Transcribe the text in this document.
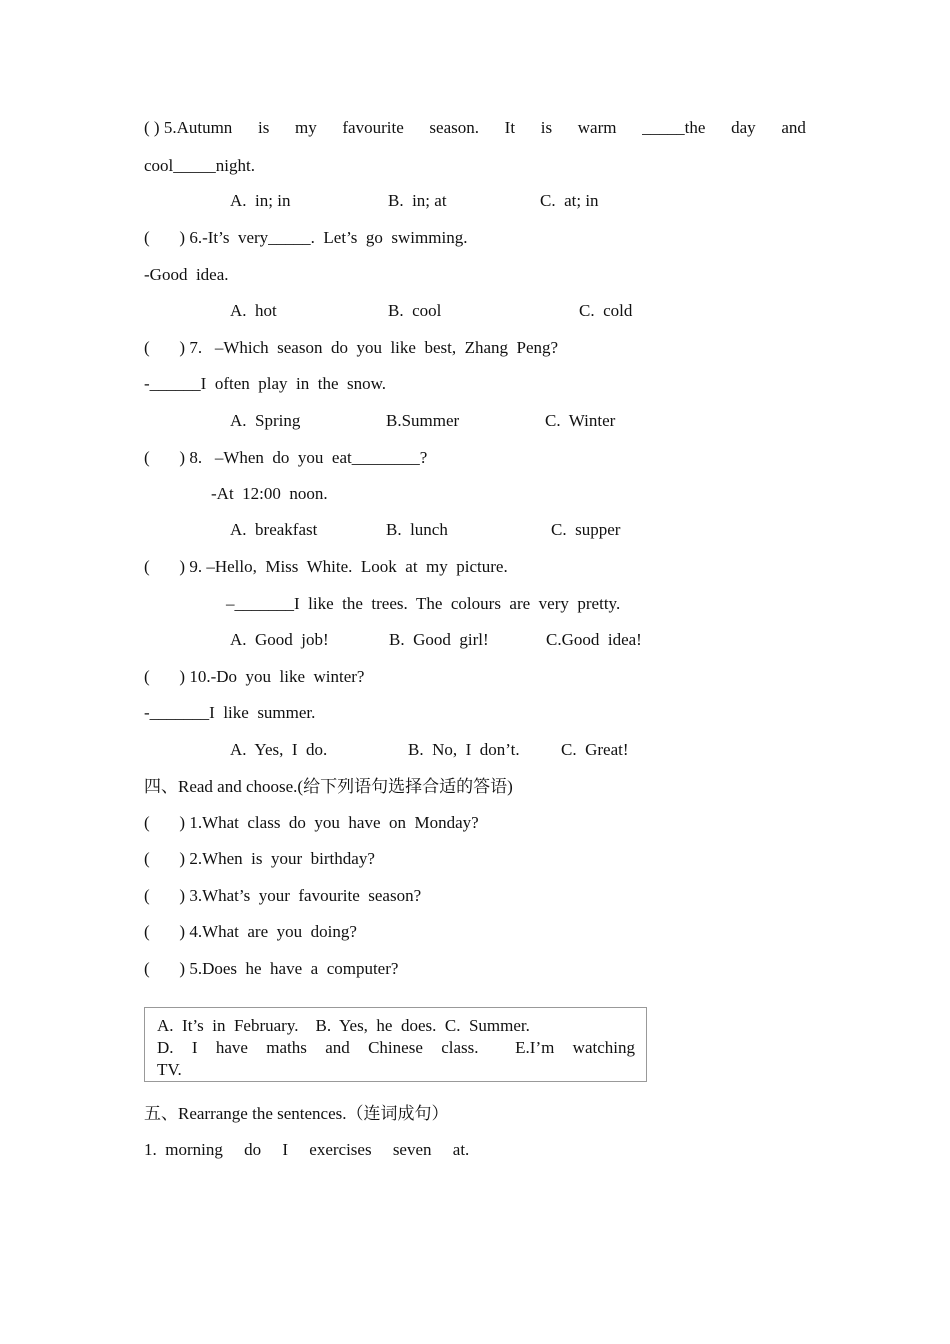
( ) 5.Autumn is my favourite season. It is warm _____the day and
cool_____night.
A.  in; in	B.  in; at	C.  at; in
(       ) 6.-It’s  very_____.  Let’s  go  swimming.
-Good  idea.
A.  hot	B.  cool	C.  cold
(       ) 7.   –Which  season  do  you  like  best,  Zhang  Peng?
-______I  often  play  in  the  snow.
A.  Spring	B.Summer	C.  Winter
(       ) 8.   –When  do  you  eat________?
-At  12:00  noon.
A.  breakfast	B.  lunch	C.  supper
(       ) 9. –Hello,  Miss  White.  Look  at  my  picture.
–_______I  like  the  trees.  The  colours  are  very  pretty.
A.  Good  job!	B.  Good  girl!	C.Good  idea!
(       ) 10.-Do  you  like  winter?
-_______I  like  summer.
A.  Yes,  I  do.	B.  No,  I  don’t. C.  Great!
四、Read and choose.(给下列语句选择合适的答语)
(       ) 1.What  class  do  you  have  on  Monday?
(       ) 2.When  is  your  birthday?
(       ) 3.What’s  your  favourite  season?
(       ) 4.What  are  you  doing?
(       ) 5.Does  he  have  a  computer?
A.  It’s  in  February.    B.  Yes,  he  does.  C.  Summer.
D. I have maths and Chinese class. E.I’m watching
TV.
五、Rearrange the sentences.（连词成句）
1.  morning     do     I     exercises     seven     at.
